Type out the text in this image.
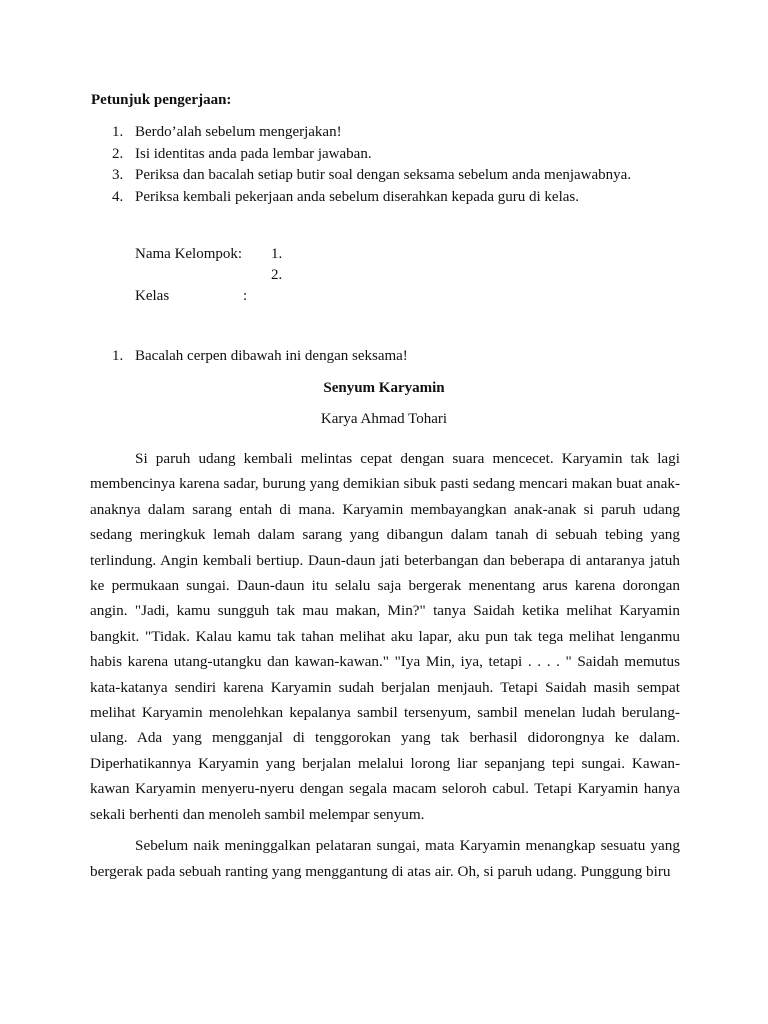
Petunjuk pengerjaan:
1. Berdo’alah sebelum mengerjakan!
2. Isi identitas anda pada lembar jawaban.
3. Periksa dan bacalah setiap butir soal dengan seksama sebelum anda menjawabnya.
4. Periksa kembali pekerjaan anda sebelum diserahkan kepada guru di kelas.
Nama Kelompok: 1.
2.
Kelas	:
1. Bacalah cerpen dibawah ini dengan seksama!
Senyum Karyamin
Karya Ahmad Tohari

Si paruh udang kembali melintas cepat dengan suara mencecet. Karyamin tak lagi membencinya karena sadar, burung yang demikian sibuk pasti sedang mencari makan buat anak-anaknya dalam sarang entah di mana. Karyamin membayangkan anak-anak si paruh udang sedang meringkuk lemah dalam sarang yang dibangun dalam tanah di sebuah tebing yang terlindung. Angin kembali bertiup. Daun-daun jati beterbangan dan beberapa di antaranya jatuh ke permukaan sungai. Daun-daun itu selalu saja bergerak menentang arus karena dorongan angin. "Jadi, kamu sungguh tak mau makan, Min?" tanya Saidah ketika melihat Karyamin bangkit. "Tidak. Kalau kamu tak tahan melihat aku lapar, aku pun tak tega melihat lenganmu habis karena utang-utangku dan kawan-kawan." "Iya Min, iya, tetapi . . . . " Saidah memutus kata-katanya sendiri karena Karyamin sudah berjalan menjauh. Tetapi Saidah masih sempat melihat Karyamin menolehkan kepalanya sambil tersenyum, sambil menelan ludah berulang-ulang. Ada yang mengganjal di tenggorokan yang tak berhasil didorongnya ke dalam. Diperhatikannya Karyamin yang berjalan melalui lorong liar sepanjang tepi sungai. Kawan-kawan Karyamin menyeru-nyeru dengan segala macam seloroh cabul. Tetapi Karyamin hanya sekali berhenti dan menoleh sambil melempar senyum.

Sebelum naik meninggalkan pelataran sungai, mata Karyamin menangkap sesuatu yang bergerak pada sebuah ranting yang menggantung di atas air. Oh, si paruh udang. Punggung biru
